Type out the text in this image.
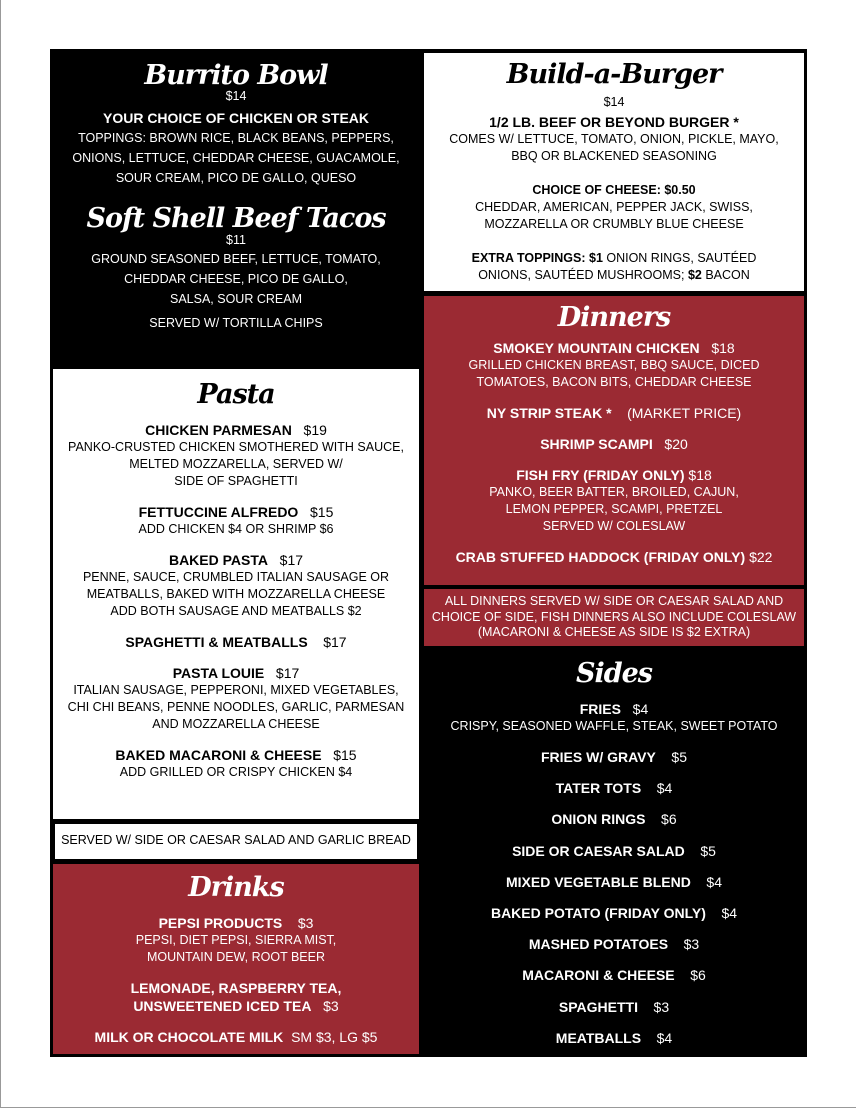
Burrito Bowl
$14
YOUR CHOICE OF CHICKEN OR STEAK
TOPPINGS: BROWN RICE, BLACK BEANS, PEPPERS,
ONIONS, LETTUCE, CHEDDAR CHEESE, GUACAMOLE,
SOUR CREAM, PICO DE GALLO, QUESO
Soft Shell Beef Tacos
$11
GROUND SEASONED BEEF, LETTUCE, TOMATO,
CHEDDAR CHEESE, PICO DE GALLO,
SALSA, SOUR CREAM
SERVED W/ TORTILLA CHIPS
Build-a-Burger
$14
1/2 LB. BEEF OR BEYOND BURGER *
COMES W/ LETTUCE, TOMATO, ONION, PICKLE, MAYO,
BBQ OR BLACKENED SEASONING
CHOICE OF CHEESE: $0.50
CHEDDAR, AMERICAN, PEPPER JACK, SWISS,
MOZZARELLA OR CRUMBLY BLUE CHEESE
EXTRA TOPPINGS: $1 ONION RINGS, SAUTÉED
ONIONS, SAUTÉED MUSHROOMS; $2 BACON
Pasta
CHICKEN PARMESAN $19
PANKO-CRUSTED CHICKEN SMOTHERED WITH SAUCE,
MELTED MOZZARELLA, SERVED W/
SIDE OF SPAGHETTI
FETTUCCINE ALFREDO $15
ADD CHICKEN $4 OR SHRIMP $6
BAKED PASTA $17
PENNE, SAUCE, CRUMBLED ITALIAN SAUSAGE OR
MEATBALLS, BAKED WITH MOZZARELLA CHEESE
ADD BOTH SAUSAGE AND MEATBALLS $2
SPAGHETTI & MEATBALLS $17
PASTA LOUIE $17
ITALIAN SAUSAGE, PEPPERONI, MIXED VEGETABLES,
CHI CHI BEANS, PENNE NOODLES, GARLIC, PARMESAN
AND MOZZARELLA CHEESE
BAKED MACARONI & CHEESE $15
ADD GRILLED OR CRISPY CHICKEN $4
SERVED W/ SIDE OR CAESAR SALAD AND GARLIC BREAD
Drinks
PEPSI PRODUCTS $3
PEPSI, DIET PEPSI, SIERRA MIST,
MOUNTAIN DEW, ROOT BEER
LEMONADE, RASPBERRY TEA,
UNSWEETENED ICED TEA $3
MILK OR CHOCOLATE MILK SM $3, LG $5
Dinners
SMOKEY MOUNTAIN CHICKEN $18
GRILLED CHICKEN BREAST, BBQ SAUCE, DICED
TOMATOES, BACON BITS, CHEDDAR CHEESE
NY STRIP STEAK * (MARKET PRICE)
SHRIMP SCAMPI $20
FISH FRY (FRIDAY ONLY) $18
PANKO, BEER BATTER, BROILED, CAJUN,
LEMON PEPPER, SCAMPI, PRETZEL
SERVED W/ COLESLAW
CRAB STUFFED HADDOCK (FRIDAY ONLY) $22
ALL DINNERS SERVED W/ SIDE OR CAESAR SALAD AND
CHOICE OF SIDE, FISH DINNERS ALSO INCLUDE COLESLAW
(MACARONI & CHEESE AS SIDE IS $2 EXTRA)
Sides
FRIES $4
CRISPY, SEASONED WAFFLE, STEAK, SWEET POTATO
FRIES W/ GRAVY $5
TATER TOTS $4
ONION RINGS $6
SIDE OR CAESAR SALAD $5
MIXED VEGETABLE BLEND $4
BAKED POTATO (FRIDAY ONLY) $4
MASHED POTATOES $3
MACARONI & CHEESE $6
SPAGHETTI $3
MEATBALLS $4
